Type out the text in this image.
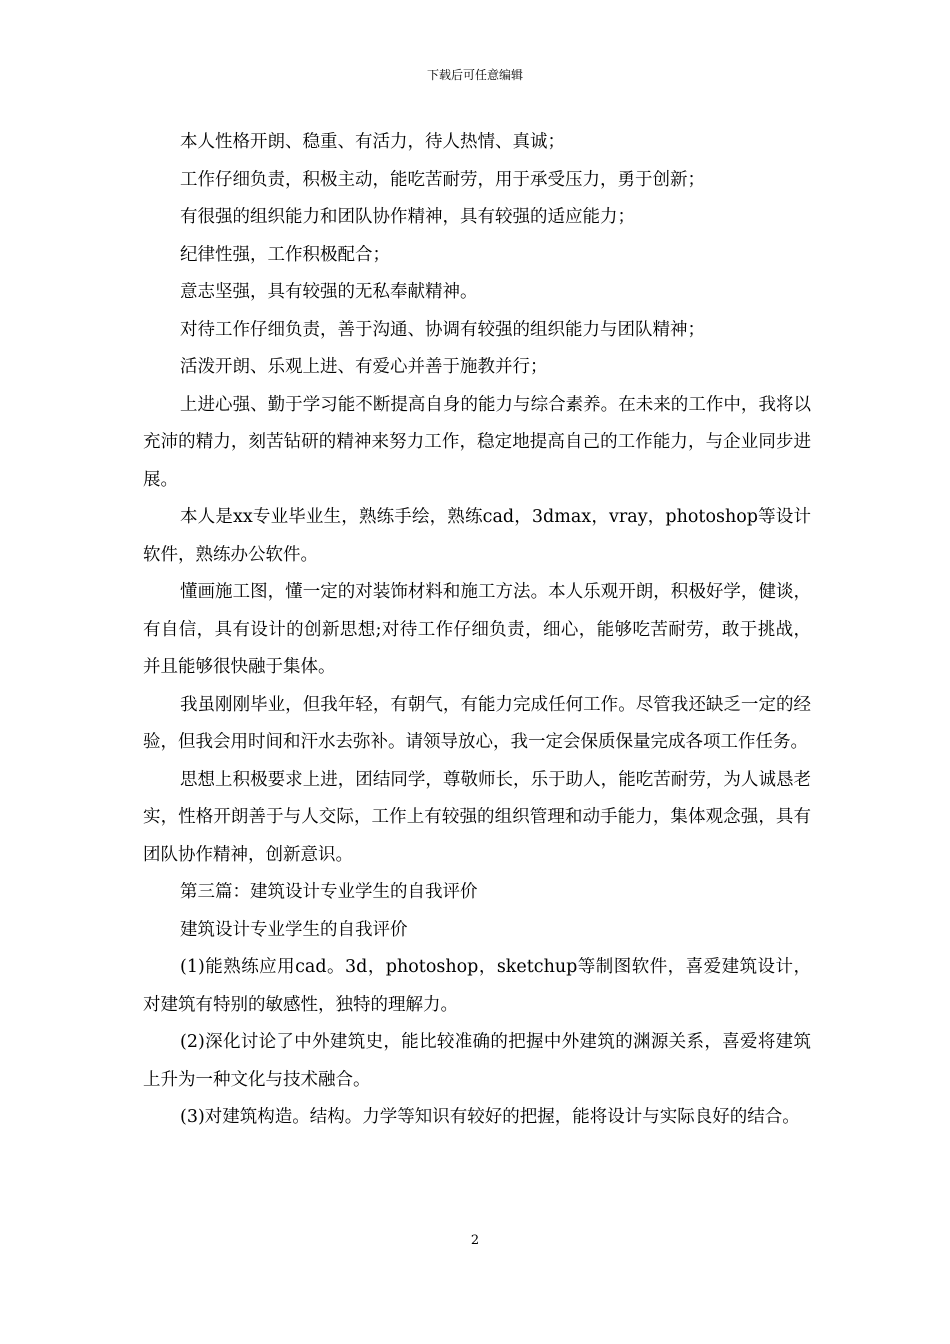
下载后可任意编辑

本人性格开朗、稳重、有活力，待人热情、真诚；

工作仔细负责，积极主动，能吃苦耐劳，用于承受压力，勇于创新；

有很强的组织能力和团队协作精神，具有较强的适应能力；

纪律性强，工作积极配合；

意志坚强，具有较强的无私奉献精神。

对待工作仔细负责，善于沟通、协调有较强的组织能力与团队精神；

活泼开朗、乐观上进、有爱心并善于施教并行；

上进心强、勤于学习能不断提高自身的能力与综合素养。在未来的工作中，我将以充沛的精力，刻苦钻研的精神来努力工作，稳定地提高自己的工作能力，与企业同步进展。

本人是xx专业毕业生，熟练手绘，熟练cad，3dmax，vray，photoshop等设计软件，熟练办公软件。

懂画施工图，懂一定的对装饰材料和施工方法。本人乐观开朗，积极好学，健谈，有自信，具有设计的创新思想;对待工作仔细负责，细心，能够吃苦耐劳，敢于挑战，并且能够很快融于集体。

我虽刚刚毕业，但我年轻，有朝气，有能力完成任何工作。尽管我还缺乏一定的经验，但我会用时间和汗水去弥补。请领导放心，我一定会保质保量完成各项工作任务。

思想上积极要求上进，团结同学，尊敬师长，乐于助人，能吃苦耐劳，为人诚恳老实，性格开朗善于与人交际，工作上有较强的组织管理和动手能力，集体观念强，具有团队协作精神，创新意识。

第三篇：建筑设计专业学生的自我评价

建筑设计专业学生的自我评价

(1)能熟练应用cad。3d，photoshop，sketchup等制图软件，喜爱建筑设计，对建筑有特别的敏感性，独特的理解力。

(2)深化讨论了中外建筑史，能比较准确的把握中外建筑的渊源关系，喜爱将建筑上升为一种文化与技术融合。

(3)对建筑构造。结构。力学等知识有较好的把握，能将设计与实际良好的结合。

2
